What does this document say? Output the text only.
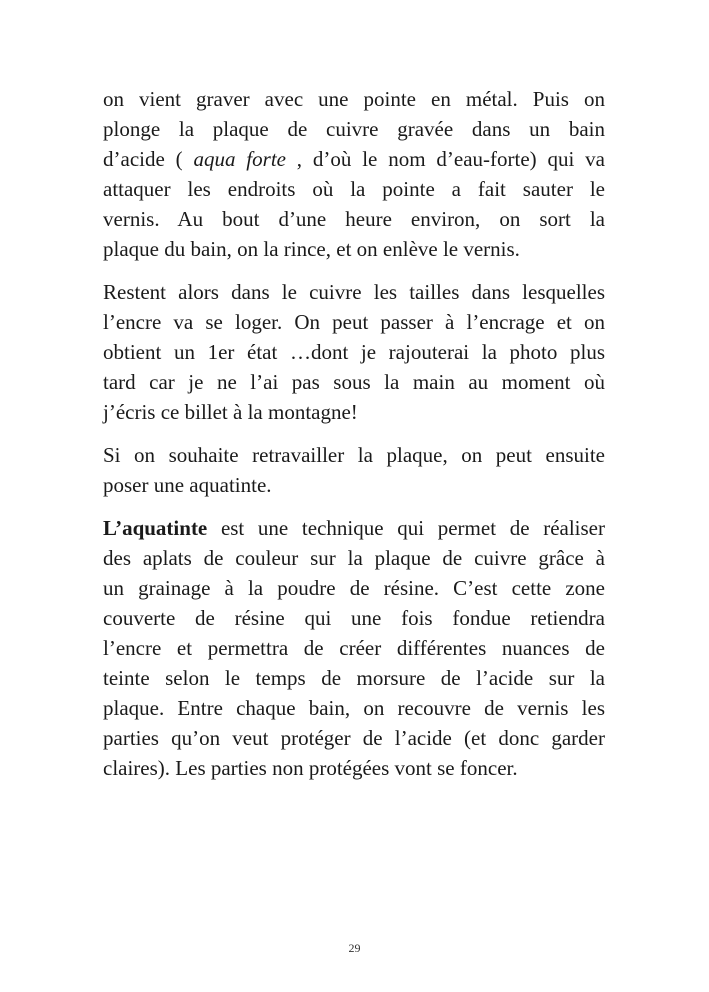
on vient graver avec une pointe en métal. Puis on
plonge la plaque de cuivre gravée dans un bain
d’acide ( aqua forte , d’où le nom d’eau-forte) qui va
attaquer les endroits où la pointe a fait sauter le
vernis. Au bout d’une heure environ, on sort la
plaque du bain, on la rince, et on enlève le vernis.

Restent alors dans le cuivre les tailles dans lesquelles
l’encre va se loger. On peut passer à l’encrage et on
obtient un 1er état …dont je rajouterai la photo plus
tard car je ne l’ai pas sous la main au moment où
j’écris ce billet à la montagne!

Si on souhaite retravailler la plaque, on peut ensuite
poser une aquatinte.

L’aquatinte est une technique qui permet de réaliser
des aplats de couleur sur la plaque de cuivre grâce à
un grainage à la poudre de résine. C’est cette zone
couverte de résine qui une fois fondue retiendra
l’encre et permettra de créer différentes nuances de
teinte selon le temps de morsure de l’acide sur la
plaque. Entre chaque bain, on recouvre de vernis les
parties qu’on veut protéger de l’acide (et donc garder
claires). Les parties non protégées vont se foncer.

29
